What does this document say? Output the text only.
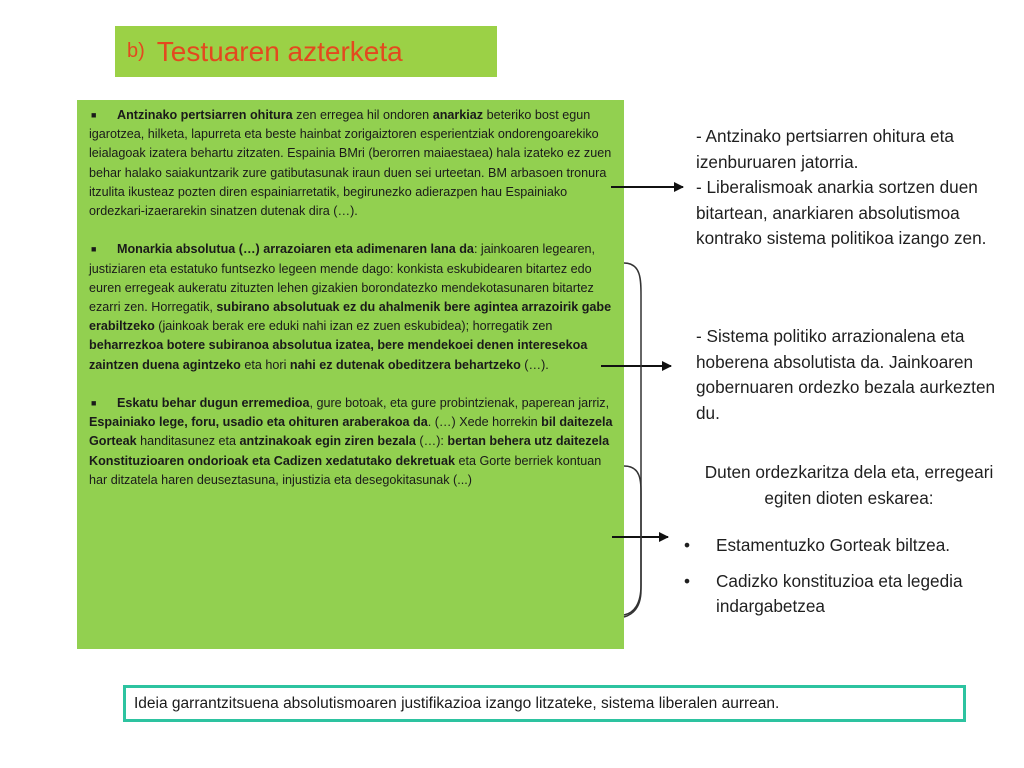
b) Testuaren azterketa

■ Antzinako pertsiarren ohitura zen erregea hil ondoren anarkiaz beteriko bost egun igarotzea, hilketa, lapurreta eta beste hainbat zorigaiztoren esperientziak ondorengoarekiko leialagoak izatera behartu zitzaten. Espainia BMri (berorren maiaestaea) hala izateko ez zuen behar halako saiakuntzarik zure gatibutasunak iraun duen sei urteetan. BM arbasoen tronura itzulita ikusteaz pozten diren espainiarretatik, begirunezko adierazpen hau Espainiako ordezkari-izaerarekin sinatzen dutenak dira (…).

■ Monarkia absolutua (…) arrazoiaren eta adimenaren lana da: jainkoaren legearen, justiziaren eta estatuko funtsezko legeen mende dago: konkista eskubidearen bitartez edo euren erregeak aukeratu zituzten lehen gizakien borondatezko mendekotasunaren bitartez ezarri zen. Horregatik, subirano absolutuak ez du ahalmenik bere agintea arrazoirik gabe erabiltzeko (jainkoak berak ere eduki nahi izan ez zuen eskubidea); horregatik zen beharrezkoa botere subiranoa absolutua izatea, bere mendekoei denen interesekoa zaintzen duena agintzeko eta hori nahi ez dutenak obeditzera behartzeko (…).

■ Eskatu behar dugun erremedioa, gure botoak, eta gure probintzienak, paperean jarriz, Espainiako lege, foru, usadio eta ohituren araberakoa da. (…) Xede horrekin bil daitezela Gorteak handitasunez eta antzinakoak egin ziren bezala (…): bertan behera utz daitezela Konstituzioaren ondorioak eta Cadizen xedatutako dekretuak eta Gorte berriek kontuan har ditzatela haren deuseztasuna, injustizia eta desegokitasunak (...)

- Antzinako pertsiarren ohitura eta izenburuaren jatorria.
- Liberalismoak anarkia sortzen duen bitartean, anarkiaren absolutismoa kontrako sistema politikoa izango zen.
- Sistema politiko arrazionalena eta hoberena absolutista da. Jainkoaren gobernuaren ordezko bezala aurkezten du.
Duten ordezkaritza dela eta, erregeari egiten dioten eskarea:
• Estamentuzko Gorteak biltzea.
• Cadizko konstituzioa eta legedia indargabetzea
Ideia garrantzitsuena absolutismoaren justifikazioa izango litzateke, sistema liberalen aurrean.
